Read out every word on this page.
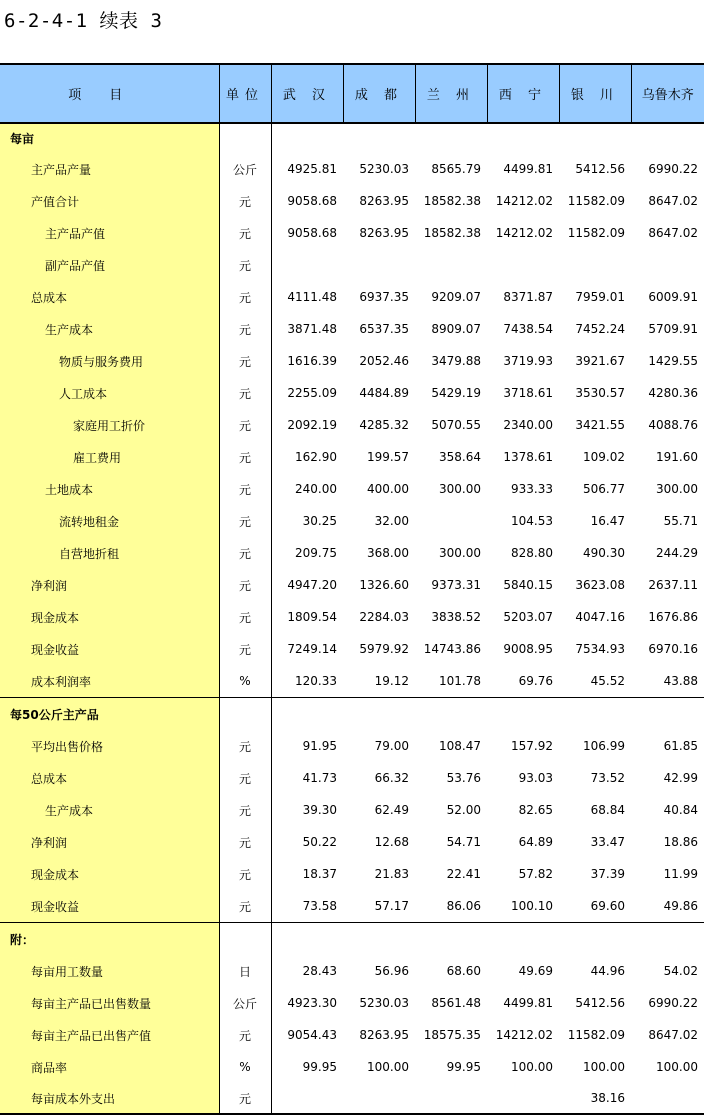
6-2-4-1 续表 3
项目	单位	武 汉	成 都	兰 州	西 宁	银 川	乌鲁木齐
每亩							
主产品产量	公斤	4925.81	5230.03	8565.79	4499.81	5412.56	6990.22
产值合计	元	9058.68	8263.95	18582.38	14212.02	11582.09	8647.02
主产品产值	元	9058.68	8263.95	18582.38	14212.02	11582.09	8647.02
副产品产值	元						
总成本	元	4111.48	6937.35	9209.07	8371.87	7959.01	6009.91
生产成本	元	3871.48	6537.35	8909.07	7438.54	7452.24	5709.91
物质与服务费用	元	1616.39	2052.46	3479.88	3719.93	3921.67	1429.55
人工成本	元	2255.09	4484.89	5429.19	3718.61	3530.57	4280.36
家庭用工折价	元	2092.19	4285.32	5070.55	2340.00	3421.55	4088.76
雇工费用	元	162.90	199.57	358.64	1378.61	109.02	191.60
土地成本	元	240.00	400.00	300.00	933.33	506.77	300.00
流转地租金	元	30.25	32.00		104.53	16.47	55.71
自营地折租	元	209.75	368.00	300.00	828.80	490.30	244.29
净利润	元	4947.20	1326.60	9373.31	5840.15	3623.08	2637.11
现金成本	元	1809.54	2284.03	3838.52	5203.07	4047.16	1676.86
现金收益	元	7249.14	5979.92	14743.86	9008.95	7534.93	6970.16
成本利润率	%	120.33	19.12	101.78	69.76	45.52	43.88
每50公斤主产品							
平均出售价格	元	91.95	79.00	108.47	157.92	106.99	61.85
总成本	元	41.73	66.32	53.76	93.03	73.52	42.99
生产成本	元	39.30	62.49	52.00	82.65	68.84	40.84
净利润	元	50.22	12.68	54.71	64.89	33.47	18.86
现金成本	元	18.37	21.83	22.41	57.82	37.39	11.99
现金收益	元	73.58	57.17	86.06	100.10	69.60	49.86
附：							
每亩用工数量	日	28.43	56.96	68.60	49.69	44.96	54.02
每亩主产品已出售数量	公斤	4923.30	5230.03	8561.48	4499.81	5412.56	6990.22
每亩主产品已出售产值	元	9054.43	8263.95	18575.35	14212.02	11582.09	8647.02
商品率	%	99.95	100.00	99.95	100.00	100.00	100.00
每亩成本外支出	元					38.16	
